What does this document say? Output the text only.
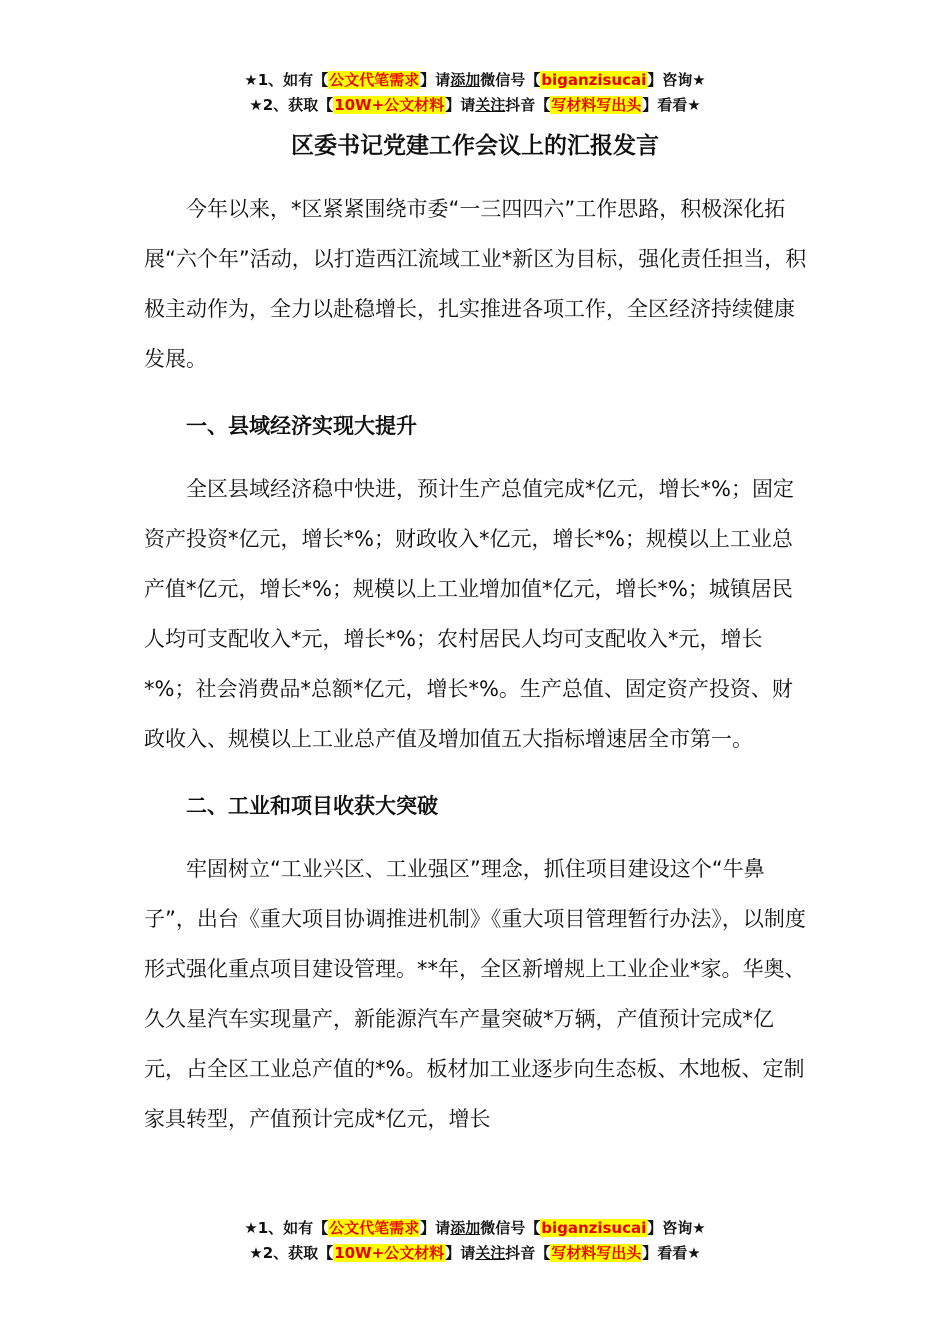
★1、如有【公文代笔需求】请添加微信号【biganzisucai】咨询★
★2、获取【10W+公文材料】请关注抖音【写材料写出头】看看★
区委书记党建工作会议上的汇报发言

今年以来，*区紧紧围绕市委“一三四四六”工作思路，积极深化拓展“六个年”活动，以打造西江流域工业*新区为目标，强化责任担当，积极主动作为，全力以赴稳增长，扎实推进各项工作，全区经济持续健康发展。

一、县域经济实现大提升

全区县域经济稳中快进，预计生产总值完成*亿元，增长*%；固定资产投资*亿元，增长*%；财政收入*亿元，增长*%；规模以上工业总产值*亿元，增长*%；规模以上工业增加值*亿元，增长*%；城镇居民人均可支配收入*元，增长*%；农村居民人均可支配收入*元，增长*%；社会消费品*总额*亿元，增长*%。生产总值、固定资产投资、财政收入、规模以上工业总产值及增加值五大指标增速居全市第一。

二、工业和项目收获大突破

牢固树立“工业兴区、工业强区”理念，抓住项目建设这个“牛鼻子”，出台《重大项目协调推进机制》《重大项目管理暂行办法》，以制度形式强化重点项目建设管理。**年，全区新增规上工业企业*家。华奥、久久星汽车实现量产，新能源汽车产量突破*万辆，产值预计完成*亿元，占全区工业总产值的*%。板材加工业逐步向生态板、木地板、定制家具转型，产值预计完成*亿元，增长

★1、如有【公文代笔需求】请添加微信号【biganzisucai】咨询★
★2、获取【10W+公文材料】请关注抖音【写材料写出头】看看★
